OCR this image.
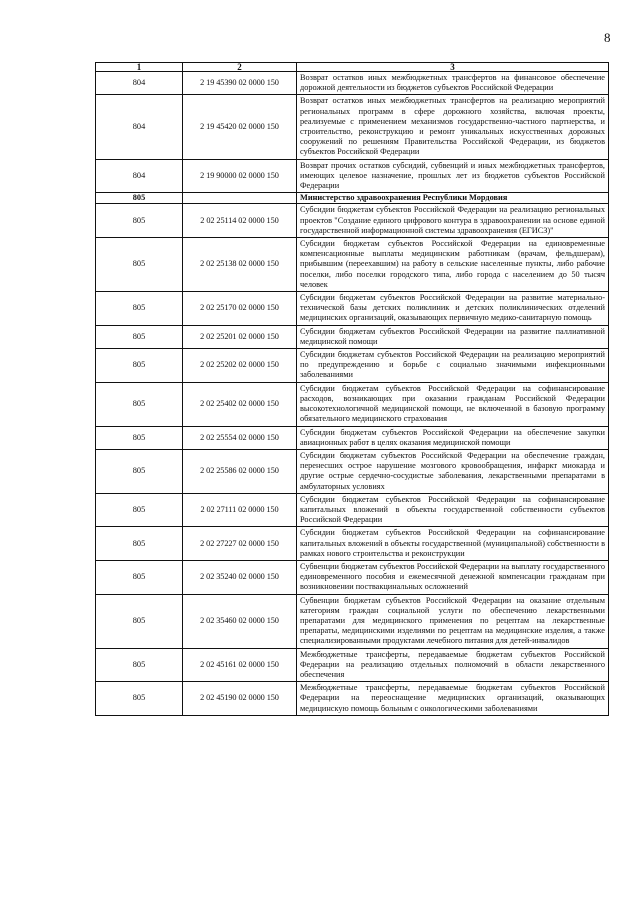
8
1	2	3
804	2 19 45390 02 0000 150	Возврат остатков иных межбюджетных трансфертов на финансовое обеспечение дорожной деятельности из бюджетов субъектов Российской Федерации
804	2 19 45420 02 0000 150	Возврат остатков иных межбюджетных трансфертов на реализацию мероприятий региональных программ в сфере дорожного хозяйства, включая проекты, реализуемые с применением механизмов государственно-частного партнерства, и строительство, реконструкцию и ремонт уникальных искусственных дорожных сооружений по решениям Правительства Российской Федерации, из бюджетов субъектов Российской Федерации
804	2 19 90000 02 0000 150	Возврат прочих остатков субсидий, субвенций и иных межбюджетных трансфертов, имеющих целевое назначение, прошлых лет из бюджетов субъектов Российской Федерации
805		Министерство здравоохранения Республики Мордовия
805	2 02 25114 02 0000 150	Субсидии бюджетам субъектов Российской Федерации на реализацию региональных проектов "Создание единого цифрового контура в здравоохранении на основе единой государственной информационной системы здравоохранения (ЕГИСЗ)"
805	2 02 25138 02 0000 150	Субсидии бюджетам субъектов Российской Федерации на единовременные компенсационные выплаты медицинским работникам (врачам, фельдшерам), прибывшим (переехавшим) на работу в сельские населенные пункты, либо рабочие поселки, либо поселки городского типа, либо города с населением до 50 тысяч человек
805	2 02 25170 02 0000 150	Субсидии бюджетам субъектов Российской Федерации на развитие материально-технической базы детских поликлиник и детских поликлинических отделений медицинских организаций, оказывающих первичную медико-санитарную помощь
805	2 02 25201 02 0000 150	Субсидии бюджетам субъектов Российской Федерации на развитие паллиативной медицинской помощи
805	2 02 25202 02 0000 150	Субсидии бюджетам субъектов Российской Федерации на реализацию мероприятий по предупреждению и борьбе с социально значимыми инфекционными заболеваниями
805	2 02 25402 02 0000 150	Субсидии бюджетам субъектов Российской Федерации на софинансирование расходов, возникающих при оказании гражданам Российской Федерации высокотехнологичной медицинской помощи, не включенной в базовую программу обязательного медицинского страхования
805	2 02 25554 02 0000 150	Субсидии бюджетам субъектов Российской Федерации на обеспечение закупки авиационных работ в целях оказания медицинской помощи
805	2 02 25586 02 0000 150	Субсидии бюджетам субъектов Российской Федерации на обеспечение граждан, перенесших острое нарушение мозгового кровообращения, инфаркт миокарда и другие острые сердечно-сосудистые заболевания, лекарственными препаратами в амбулаторных условиях
805	2 02 27111 02 0000 150	Субсидии бюджетам субъектов Российской Федерации на софинансирование капитальных вложений в объекты государственной собственности субъектов Российской Федерации
805	2 02 27227 02 0000 150	Субсидии бюджетам субъектов Российской Федерации на софинансирование капитальных вложений в объекты государственной (муниципальной) собственности в рамках нового строительства и реконструкции
805	2 02 35240 02 0000 150	Субвенции бюджетам субъектов Российской Федерации на выплату государственного единовременного пособия и ежемесячной денежной компенсации гражданам при возникновении поствакцинальных осложнений
805	2 02 35460 02 0000 150	Субвенции бюджетам субъектов Российской Федерации на оказание отдельным категориям граждан социальной услуги по обеспечению лекарственными препаратами для медицинского применения по рецептам на лекарственные препараты, медицинскими изделиями по рецептам на медицинские изделия, а также специализированными продуктами лечебного питания для детей-инвалидов
805	2 02 45161 02 0000 150	Межбюджетные трансферты, передаваемые бюджетам субъектов Российской Федерации на реализацию отдельных полномочий в области лекарственного обеспечения
805	2 02 45190 02 0000 150	Межбюджетные трансферты, передаваемые бюджетам субъектов Российской Федерации на переоснащение медицинских организаций, оказывающих медицинскую помощь больным с онкологическими заболеваниями
